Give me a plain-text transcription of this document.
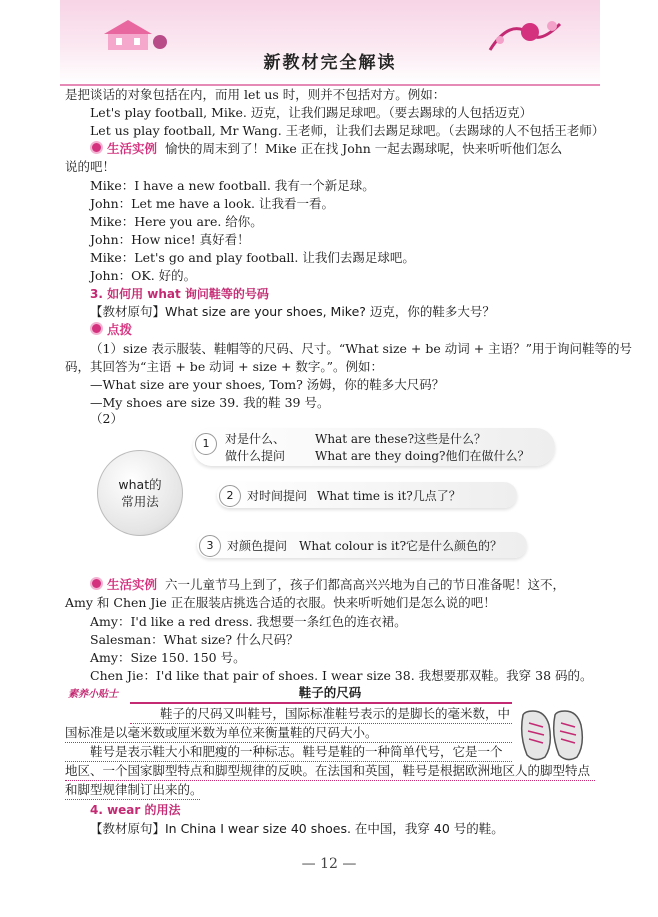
新教材完全解读
是把谈话的对象包括在内，而用 let us 时，则并不包括对方。例如：
Let's play football, Mike. 迈克，让我们踢足球吧。（要去踢球的人包括迈克）
Let us play football, Mr Wang. 王老师，让我们去踢足球吧。（去踢球的人不包括王老师）
生活实例 愉快的周末到了！Mike 正在找 John 一起去踢球呢，快来听听他们怎么
说的吧！
Mike：I have a new football. 我有一个新足球。
John：Let me have a look. 让我看一看。
Mike：Here you are. 给你。
John：How nice! 真好看！
Mike：Let's go and play football. 让我们去踢足球吧。
John：OK. 好的。
3. 如何用 what 询问鞋等的号码
【教材原句】What size are your shoes, Mike? 迈克，你的鞋多大号？
点拨
（1）size 表示服装、鞋帽等的尺码、尺寸。“What size + be 动词 + 主语？”用于询问鞋等的号
码，其回答为“主语 + be 动词 + size + 数字。”。例如：
—What size are your shoes, Tom? 汤姆，你的鞋多大尺码？
—My shoes are size 39. 我的鞋 39 号。
（2）
what的
常用法
1	对是什么、
做什么提问
What are these?这些是什么？
What are they doing?他们在做什么？
2	对时间提问 What time is it?几点了？
3	对颜色提问 What colour is it?它是什么颜色的？
生活实例 六一儿童节马上到了，孩子们都高高兴兴地为自己的节日准备呢！这不，
Amy 和 Chen Jie 正在服装店挑选合适的衣服。快来听听她们是怎么说的吧！
Amy：I'd like a red dress. 我想要一条红色的连衣裙。
Salesman：What size? 什么尺码？
Amy：Size 150. 150 号。
Chen Jie：I'd like that pair of shoes. I wear size 38. 我想要那双鞋。我穿 38 码的。
素养小贴士	鞋子的尺码
鞋子的尺码又叫鞋号，国际标准鞋号表示的是脚长的毫米数，中
国标准是以毫米数或厘米数为单位来衡量鞋的尺码大小。
鞋号是表示鞋大小和肥瘦的一种标志。鞋号是鞋的一种简单代号，它是一个
地区、一个国家脚型特点和脚型规律的反映。在法国和英国，鞋号是根据欧洲地区人的脚型特点
和脚型规律制订出来的。
4. wear 的用法
【教材原句】In China I wear size 40 shoes. 在中国，我穿 40 号的鞋。
— 12 —
